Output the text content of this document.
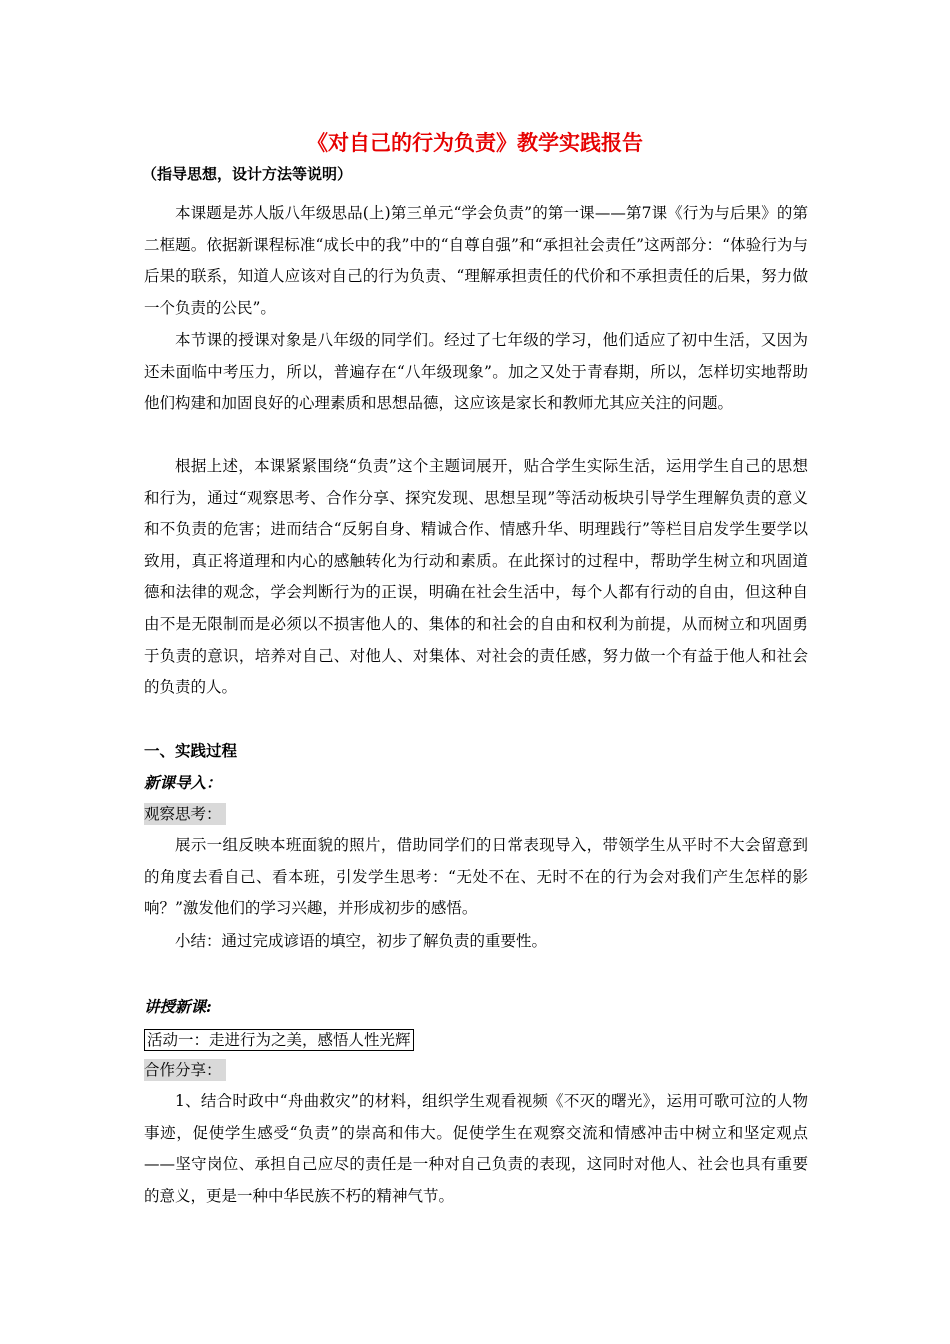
《对自己的行为负责》教学实践报告
（指导思想，设计方法等说明）

本课题是苏人版八年级思品(上)第三单元“学会负责”的第一课——第7课《行为与后果》的第二框题。依据新课程标准“成长中的我”中的“自尊自强”和“承担社会责任”这两部分：“体验行为与后果的联系，知道人应该对自己的行为负责、“理解承担责任的代价和不承担责任的后果，努力做一个负责的公民”。

本节课的授课对象是八年级的同学们。经过了七年级的学习，他们适应了初中生活，又因为还未面临中考压力，所以，普遍存在“八年级现象”。加之又处于青春期，所以，怎样切实地帮助他们构建和加固良好的心理素质和思想品德，这应该是家长和教师尤其应关注的问题。

根据上述，本课紧紧围绕“负责”这个主题词展开，贴合学生实际生活，运用学生自己的思想和行为，通过“观察思考、合作分享、探究发现、思想呈现”等活动板块引导学生理解负责的意义和不负责的危害；进而结合“反躬自身、精诚合作、情感升华、明理践行”等栏目启发学生要学以致用，真正将道理和内心的感触转化为行动和素质。在此探讨的过程中，帮助学生树立和巩固道德和法律的观念，学会判断行为的正误，明确在社会生活中，每个人都有行动的自由，但这种自由不是无限制而是必须以不损害他人的、集体的和社会的自由和权利为前提，从而树立和巩固勇于负责的意识，培养对自己、对他人、对集体、对社会的责任感，努力做一个有益于他人和社会的负责的人。

一、实践过程
新课导入：
观察思考：

展示一组反映本班面貌的照片，借助同学们的日常表现导入，带领学生从平时不大会留意到的角度去看自己、看本班，引发学生思考：“无处不在、无时不在的行为会对我们产生怎样的影响？”激发他们的学习兴趣，并形成初步的感悟。

小结：通过完成谚语的填空，初步了解负责的重要性。

讲授新课:
活动一：走进行为之美，感悟人性光辉
合作分享：

1、结合时政中“舟曲救灾”的材料，组织学生观看视频《不灭的曙光》，运用可歌可泣的人物事迹，促使学生感受“负责”的崇高和伟大。促使学生在观察交流和情感冲击中树立和坚定观点——坚守岗位、承担自己应尽的责任是一种对自己负责的表现，这同时对他人、社会也具有重要的意义，更是一种中华民族不朽的精神气节。
